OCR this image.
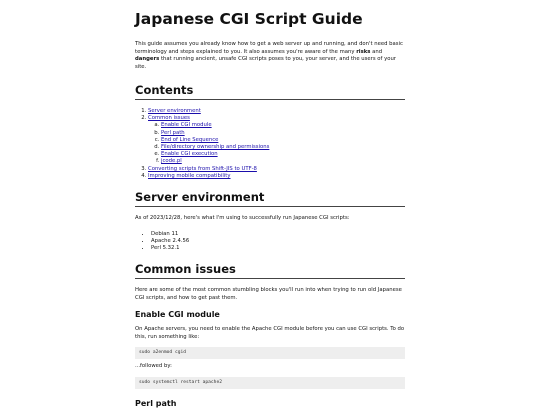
Japanese CGI Script Guide

This guide assumes you already know how to get a web server up and running, and don't need basic terminology and steps explained to you. It also assumes you're aware of the many risks and dangers that running ancient, unsafe CGI scripts poses to you, your server, and the users of your site.

Contents
1. Server environment
2. Common issues
a. Enable CGI module
b. Perl path
c. End of Line Sequence
d. File/directory ownership and permissions
e. Enable CGI execution
f. jcode.pl
3. Converting scripts from Shift-JIS to UTF-8
4. Improving mobile compatibility
Server environment

As of 2023/12/28, here's what I'm using to successfully run Japanese CGI scripts:

• Debian 11
• Apache 2.4.56
• Perl 5.32.1
Common issues

Here are some of the most common stumbling blocks you'll run into when trying to run old Japanese CGI scripts, and how to get past them.

Enable CGI module

On Apache servers, you need to enable the Apache CGI module before you can use CGI scripts. To do this, run something like:

sudo a2enmod cgid

...followed by:

sudo systemctl restart apache2
Perl path
